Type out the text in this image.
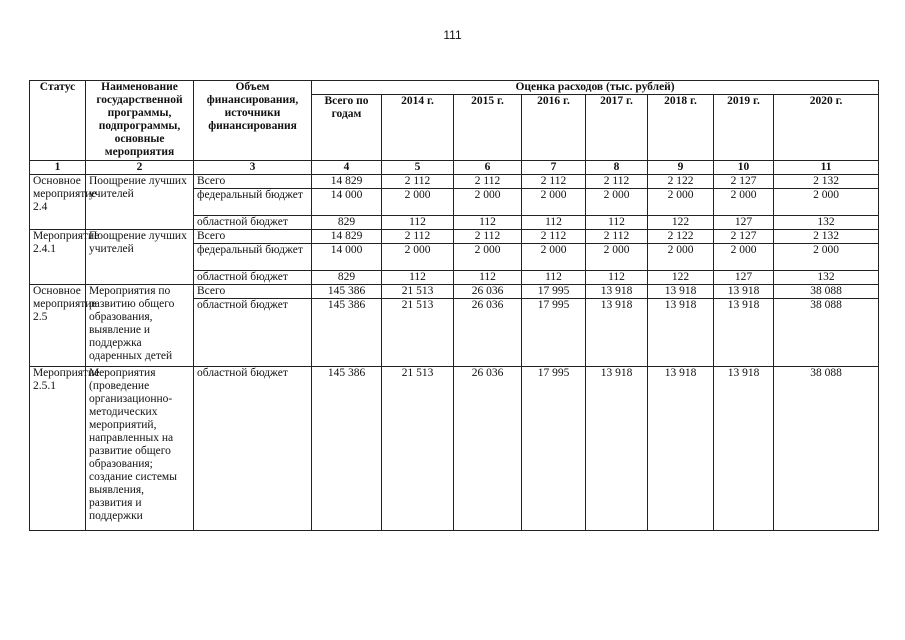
111
Статус	Наименование государственной программы, подпрограммы, основные мероприятия	Объем финансирования, источники финансирования	Оценка расходов (тыс. рублей)							
			Всего по годам	2014 г.	2015 г.	2016 г.	2017 г.	2018 г.	2019 г.	2020 г.
1	2	3	4	5	6	7	8	9	10	11
Основное мероприятие 2.4	Поощрение лучших учителей	Всего	14 829	2 112	2 112	2 112	2 112	2 122	2 127	2 132
		федеральный бюджет	14 000	2 000	2 000	2 000	2 000	2 000	2 000	2 000
		областной бюджет	829	112	112	112	112	122	127	132
Мероприятие 2.4.1	Поощрение лучших учителей	Всего	14 829	2 112	2 112	2 112	2 112	2 122	2 127	2 132
		федеральный бюджет	14 000	2 000	2 000	2 000	2 000	2 000	2 000	2 000
		областной бюджет	829	112	112	112	112	122	127	132
Основное мероприятие 2.5	Мероприятия по развитию общего образования, выявление и поддержка одаренных детей	Всего	145 386	21 513	26 036	17 995	13 918	13 918	13 918	38 088
		областной бюджет	145 386	21 513	26 036	17 995	13 918	13 918	13 918	38 088
Мероприятие 2.5.1	Мероприятия (проведение организационно-методических мероприятий, направленных на развитие общего образования; создание системы выявления, развития и поддержки	областной бюджет	145 386	21 513	26 036	17 995	13 918	13 918	13 918	38 088
